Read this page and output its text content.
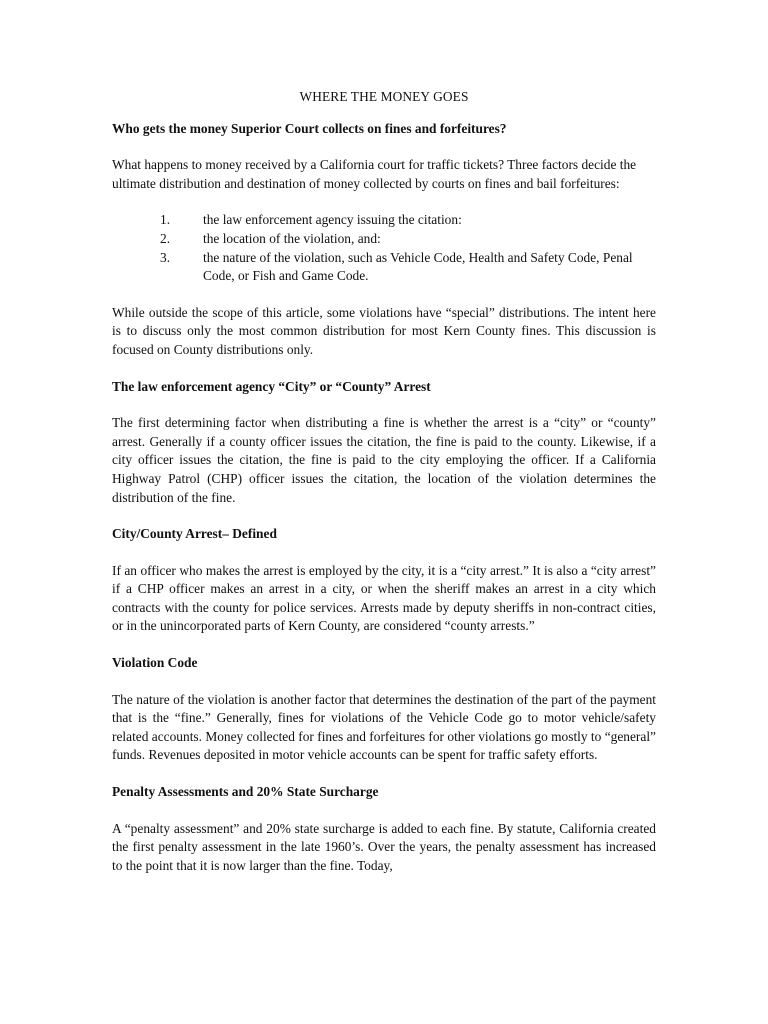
WHERE THE MONEY GOES
Who gets the money Superior Court collects on fines and forfeitures?

What happens to money received by a California court for traffic tickets? Three factors decide the ultimate distribution and destination of money collected by courts on fines and bail forfeitures:

1.	the law enforcement agency issuing the citation:
2.	the location of the violation, and:
3.	the nature of the violation, such as Vehicle Code, Health and Safety Code, Penal Code, or Fish and Game Code.

While outside the scope of this article, some violations have “special” distributions. The intent here is to discuss only the most common distribution for most Kern County fines. This discussion is focused on County distributions only.

The law enforcement agency “City” or “County” Arrest

The first determining factor when distributing a fine is whether the arrest is a “city” or “county” arrest. Generally if a county officer issues the citation, the fine is paid to the county. Likewise, if a city officer issues the citation, the fine is paid to the city employing the officer. If a California Highway Patrol (CHP) officer issues the citation, the location of the violation determines the distribution of the fine.

City/County Arrest– Defined

If an officer who makes the arrest is employed by the city, it is a “city arrest.” It is also a “city arrest” if a CHP officer makes an arrest in a city, or when the sheriff makes an arrest in a city which contracts with the county for police services. Arrests made by deputy sheriffs in non-contract cities, or in the unincorporated parts of Kern County, are considered “county arrests.”

Violation Code

The nature of the violation is another factor that determines the destination of the part of the payment that is the “fine.” Generally, fines for violations of the Vehicle Code go to motor vehicle/safety related accounts. Money collected for fines and forfeitures for other violations go mostly to “general” funds. Revenues deposited in motor vehicle accounts can be spent for traffic safety efforts.

Penalty Assessments and 20% State Surcharge

A “penalty assessment” and 20% state surcharge is added to each fine. By statute, California created the first penalty assessment in the late 1960’s. Over the years, the penalty assessment has increased to the point that it is now larger than the fine. Today,
